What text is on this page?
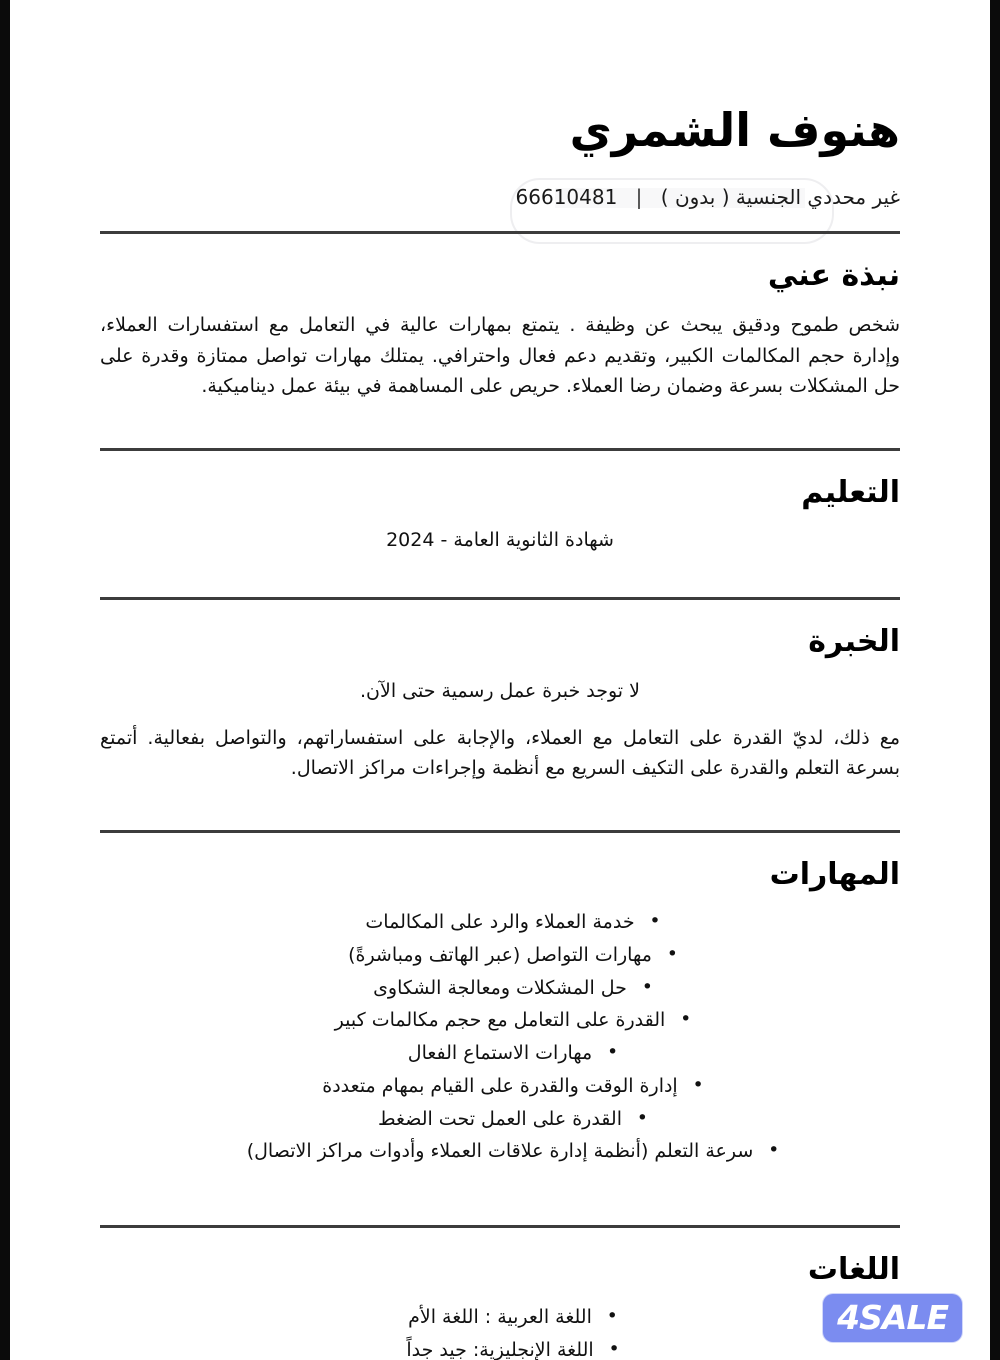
هنوف الشمري
غير محددي الجنسية ( بدون ) | 66610481
نبذة عني

شخص طموح ودقيق يبحث عن وظيفة . يتمتع بمهارات عالية في التعامل مع استفسارات العملاء، وإدارة حجم المكالمات الكبير، وتقديم دعم فعال واحترافي. يمتلك مهارات تواصل ممتازة وقدرة على حل المشكلات بسرعة وضمان رضا العملاء. حريص على المساهمة في بيئة عمل ديناميكية.

التعليم

شهادة الثانوية العامة - 2024

الخبرة

لا توجد خبرة عمل رسمية حتى الآن.

مع ذلك، لديّ القدرة على التعامل مع العملاء، والإجابة على استفساراتهم، والتواصل بفعالية. أتمتع بسرعة التعلم والقدرة على التكيف السريع مع أنظمة وإجراءات مراكز الاتصال.

المهارات
خدمة العملاء والرد على المكالمات •
مهارات التواصل (عبر الهاتف ومباشرةً) •
حل المشكلات ومعالجة الشكاوى •
القدرة على التعامل مع حجم مكالمات كبير •
مهارات الاستماع الفعال •
إدارة الوقت والقدرة على القيام بمهام متعددة •
القدرة على العمل تحت الضغط •
سرعة التعلم (أنظمة إدارة علاقات العملاء وأدوات مراكز الاتصال) •
اللغات
اللغة العربية : اللغة الأم •
اللغة الإنجليزية: جيد جداً •
4SALE
